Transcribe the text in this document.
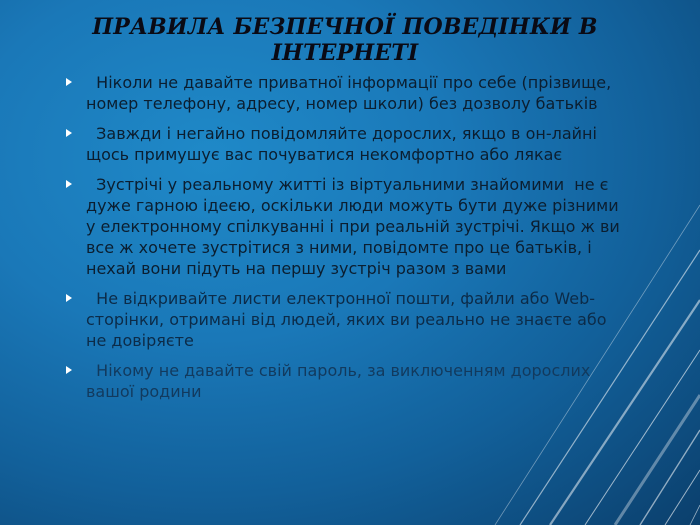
ПРАВИЛА БЕЗПЕЧНОЇ ПОВЕДІНКИ В ІНТЕРНЕТІ
Ніколи не давайте приватної інформації про себе (прізвище, номер телефону, адресу, номер школи) без дозволу батьків
Завжди і негайно повідомляйте дорослих, якщо в он-лайні щось примушує вас почуватися некомфортно або лякає
Зустрічі у реальному житті із віртуальними знайомими  не є дуже гарною ідеєю, оскільки люди можуть бути дуже різними у електронному спілкуванні і при реальній зустрічі. Якщо ж ви все ж хочете зустрітися з ними, повідомте про це батьків, і нехай вони підуть на першу зустріч разом з вами
Не відкривайте листи електронної пошти, файли або Web-сторінки, отримані від людей, яких ви реально не знаєте або не довіряєте
Нікому не давайте свій пароль, за виключенням дорослих вашої родини
